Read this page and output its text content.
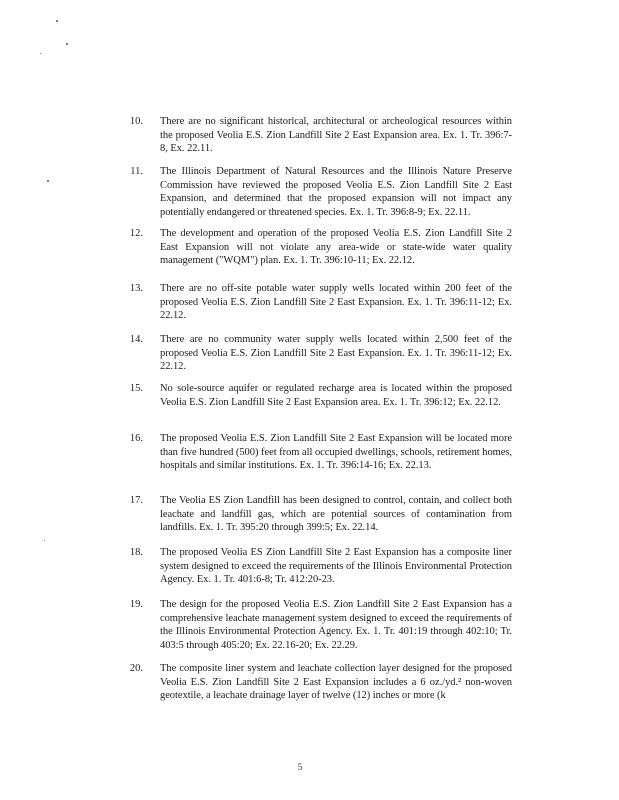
10. There are no significant historical, architectural or archeological resources within the proposed Veolia E.S. Zion Landfill Site 2 East Expansion area. Ex. 1. Tr. 396:7-8, Ex. 22.11.
11. The Illinois Department of Natural Resources and the Illinois Nature Preserve Commission have reviewed the proposed Veolia E.S. Zion Landfill Site 2 East Expansion, and determined that the proposed expansion will not impact any potentially endangered or threatened species. Ex. 1. Tr. 396:8-9; Ex. 22.11.
12. The development and operation of the proposed Veolia E.S. Zion Landfill Site 2 East Expansion will not violate any area-wide or state-wide water quality management ("WQM") plan. Ex. 1. Tr. 396:10-11; Ex. 22.12.
13. There are no off-site potable water supply wells located within 200 feet of the proposed Veolia E.S. Zion Landfill Site 2 East Expansion. Ex. 1. Tr. 396:11-12; Ex. 22.12.
14. There are no community water supply wells located within 2,500 feet of the proposed Veolia E.S. Zion Landfill Site 2 East Expansion. Ex. 1. Tr. 396:11-12; Ex. 22.12.
15. No sole-source aquifer or regulated recharge area is located within the proposed Veolia E.S. Zion Landfill Site 2 East Expansion area. Ex. 1. Tr. 396:12; Ex. 22.12.
16. The proposed Veolia E.S. Zion Landfill Site 2 East Expansion will be located more than five hundred (500) feet from all occupied dwellings, schools, retirement homes, hospitals and similar institutions. Ex. 1. Tr. 396:14-16; Ex. 22.13.
17. The Veolia ES Zion Landfill has been designed to control, contain, and collect both leachate and landfill gas, which are potential sources of contamination from landfills. Ex. 1. Tr. 395:20 through 399:5; Ex. 22.14.
18. The proposed Veolia ES Zion Landfill Site 2 East Expansion has a composite liner system designed to exceed the requirements of the Illinois Environmental Protection Agency. Ex. 1. Tr. 401:6-8; Tr. 412:20-23.
19. The design for the proposed Veolia E.S. Zion Landfill Site 2 East Expansion has a comprehensive leachate management system designed to exceed the requirements of the Illinois Environmental Protection Agency. Ex. 1. Tr. 401:19 through 402:10; Tr. 403:5 through 405:20; Ex. 22.16-20; Ex. 22.29.
20. The composite liner system and leachate collection layer designed for the proposed Veolia E.S. Zion Landfill Site 2 East Expansion includes a 6 oz./yd.² non-woven geotextile, a leachate drainage layer of twelve (12) inches or more (k
5
